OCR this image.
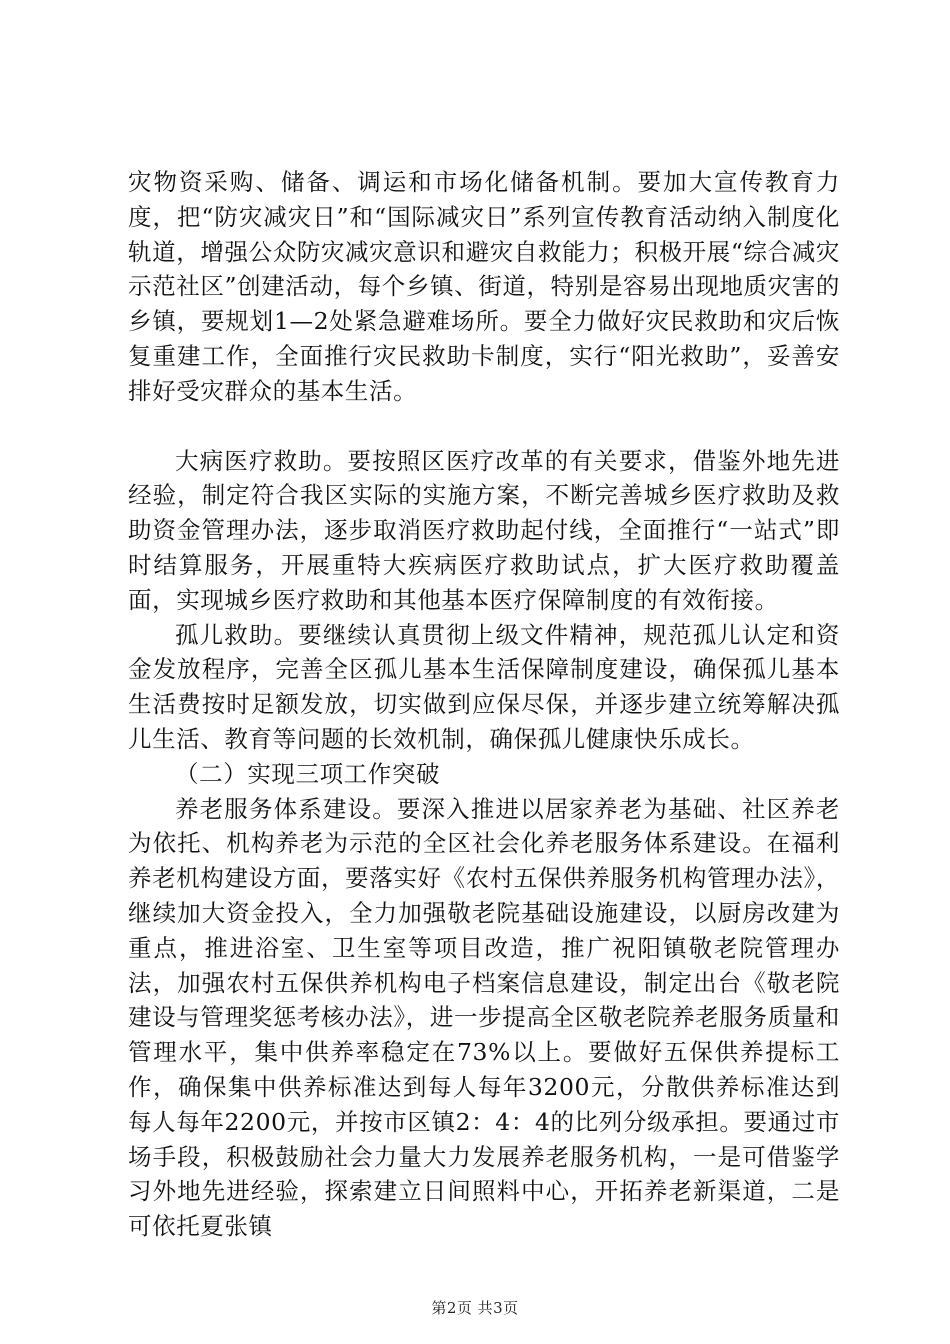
灾物资采购、储备、调运和市场化储备机制。要加大宣传教育力度，把“防灾减灾日”和“国际减灾日”系列宣传教育活动纳入制度化轨道，增强公众防灾减灾意识和避灾自救能力；积极开展“综合减灾示范社区”创建活动，每个乡镇、街道，特别是容易出现地质灾害的乡镇，要规划1—2处紧急避难场所。要全力做好灾民救助和灾后恢复重建工作，全面推行灾民救助卡制度，实行“阳光救助”，妥善安排好受灾群众的基本生活。

大病医疗救助。要按照区医疗改革的有关要求，借鉴外地先进经验，制定符合我区实际的实施方案，不断完善城乡医疗救助及救助资金管理办法，逐步取消医疗救助起付线，全面推行“一站式”即时结算服务，开展重特大疾病医疗救助试点，扩大医疗救助覆盖面，实现城乡医疗救助和其他基本医疗保障制度的有效衔接。

孤儿救助。要继续认真贯彻上级文件精神，规范孤儿认定和资金发放程序，完善全区孤儿基本生活保障制度建设，确保孤儿基本生活费按时足额发放，切实做到应保尽保，并逐步建立统筹解决孤儿生活、教育等问题的长效机制，确保孤儿健康快乐成长。

（二）实现三项工作突破

养老服务体系建设。要深入推进以居家养老为基础、社区养老为依托、机构养老为示范的全区社会化养老服务体系建设。在福利养老机构建设方面，要落实好《农村五保供养服务机构管理办法》，继续加大资金投入，全力加强敬老院基础设施建设，以厨房改建为重点，推进浴室、卫生室等项目改造，推广祝阳镇敬老院管理办法，加强农村五保供养机构电子档案信息建设，制定出台《敬老院建设与管理奖惩考核办法》，进一步提高全区敬老院养老服务质量和管理水平，集中供养率稳定在73%以上。要做好五保供养提标工作，确保集中供养标准达到每人每年3200元，分散供养标准达到每人每年2200元，并按市区镇2：4：4的比列分级承担。要通过市场手段，积极鼓励社会力量大力发展养老服务机构，一是可借鉴学习外地先进经验，探索建立日间照料中心，开拓养老新渠道，二是可依托夏张镇

第2页 共3页
